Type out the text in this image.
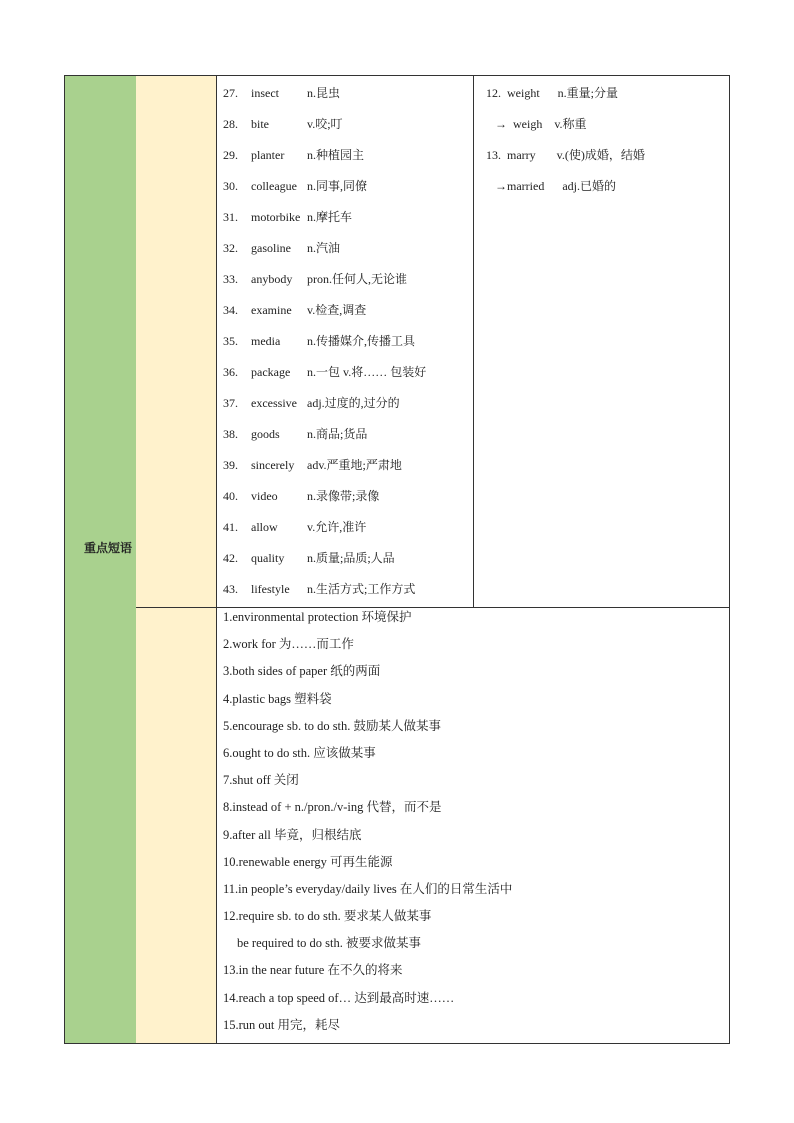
27. insect n.昆虫
28. bite	v.咬;叮
29. planter n.种植园主
30. colleague n.同事,同僚
31. motorbike n.摩托车
32. gasoline n.汽油
33. anybody pron.任何人,无论谁
34. examine v.检查,调查
35. media n.传播媒介,传播工具
36. package n.一包 v.将…… 包装好
37. excessive adj.过度的,过分的
38. goods n.商品;货品
39. sincerely adv.严重地;严肃地
40. video n.录像带;录像
41. allow v.允许,准许
42. quality n.质量;品质;人品
43. lifestyle n.生活方式;工作方式
12.  weight      n.重量;分量
→  weigh    v.称重
13.  marry       v.(使)成婚，结婚
→married      adj.已婚的
重点短语
1.environmental protection 环境保护
2.work for 为……而工作
3.both sides of paper 纸的两面
4.plastic bags 塑料袋
5.encourage sb. to do sth. 鼓励某人做某事
6.ought to do sth. 应该做某事
7.shut off 关闭
8.instead of + n./pron./v-ing 代替，而不是
9.after all 毕竟，归根结底
10.renewable energy 可再生能源
11.in people’s everyday/daily lives 在人们的日常生活中
12.require sb. to do sth. 要求某人做某事
be required to do sth. 被要求做某事
13.in the near future 在不久的将来
14.reach a top speed of… 达到最高时速……
15.run out 用完，耗尽
